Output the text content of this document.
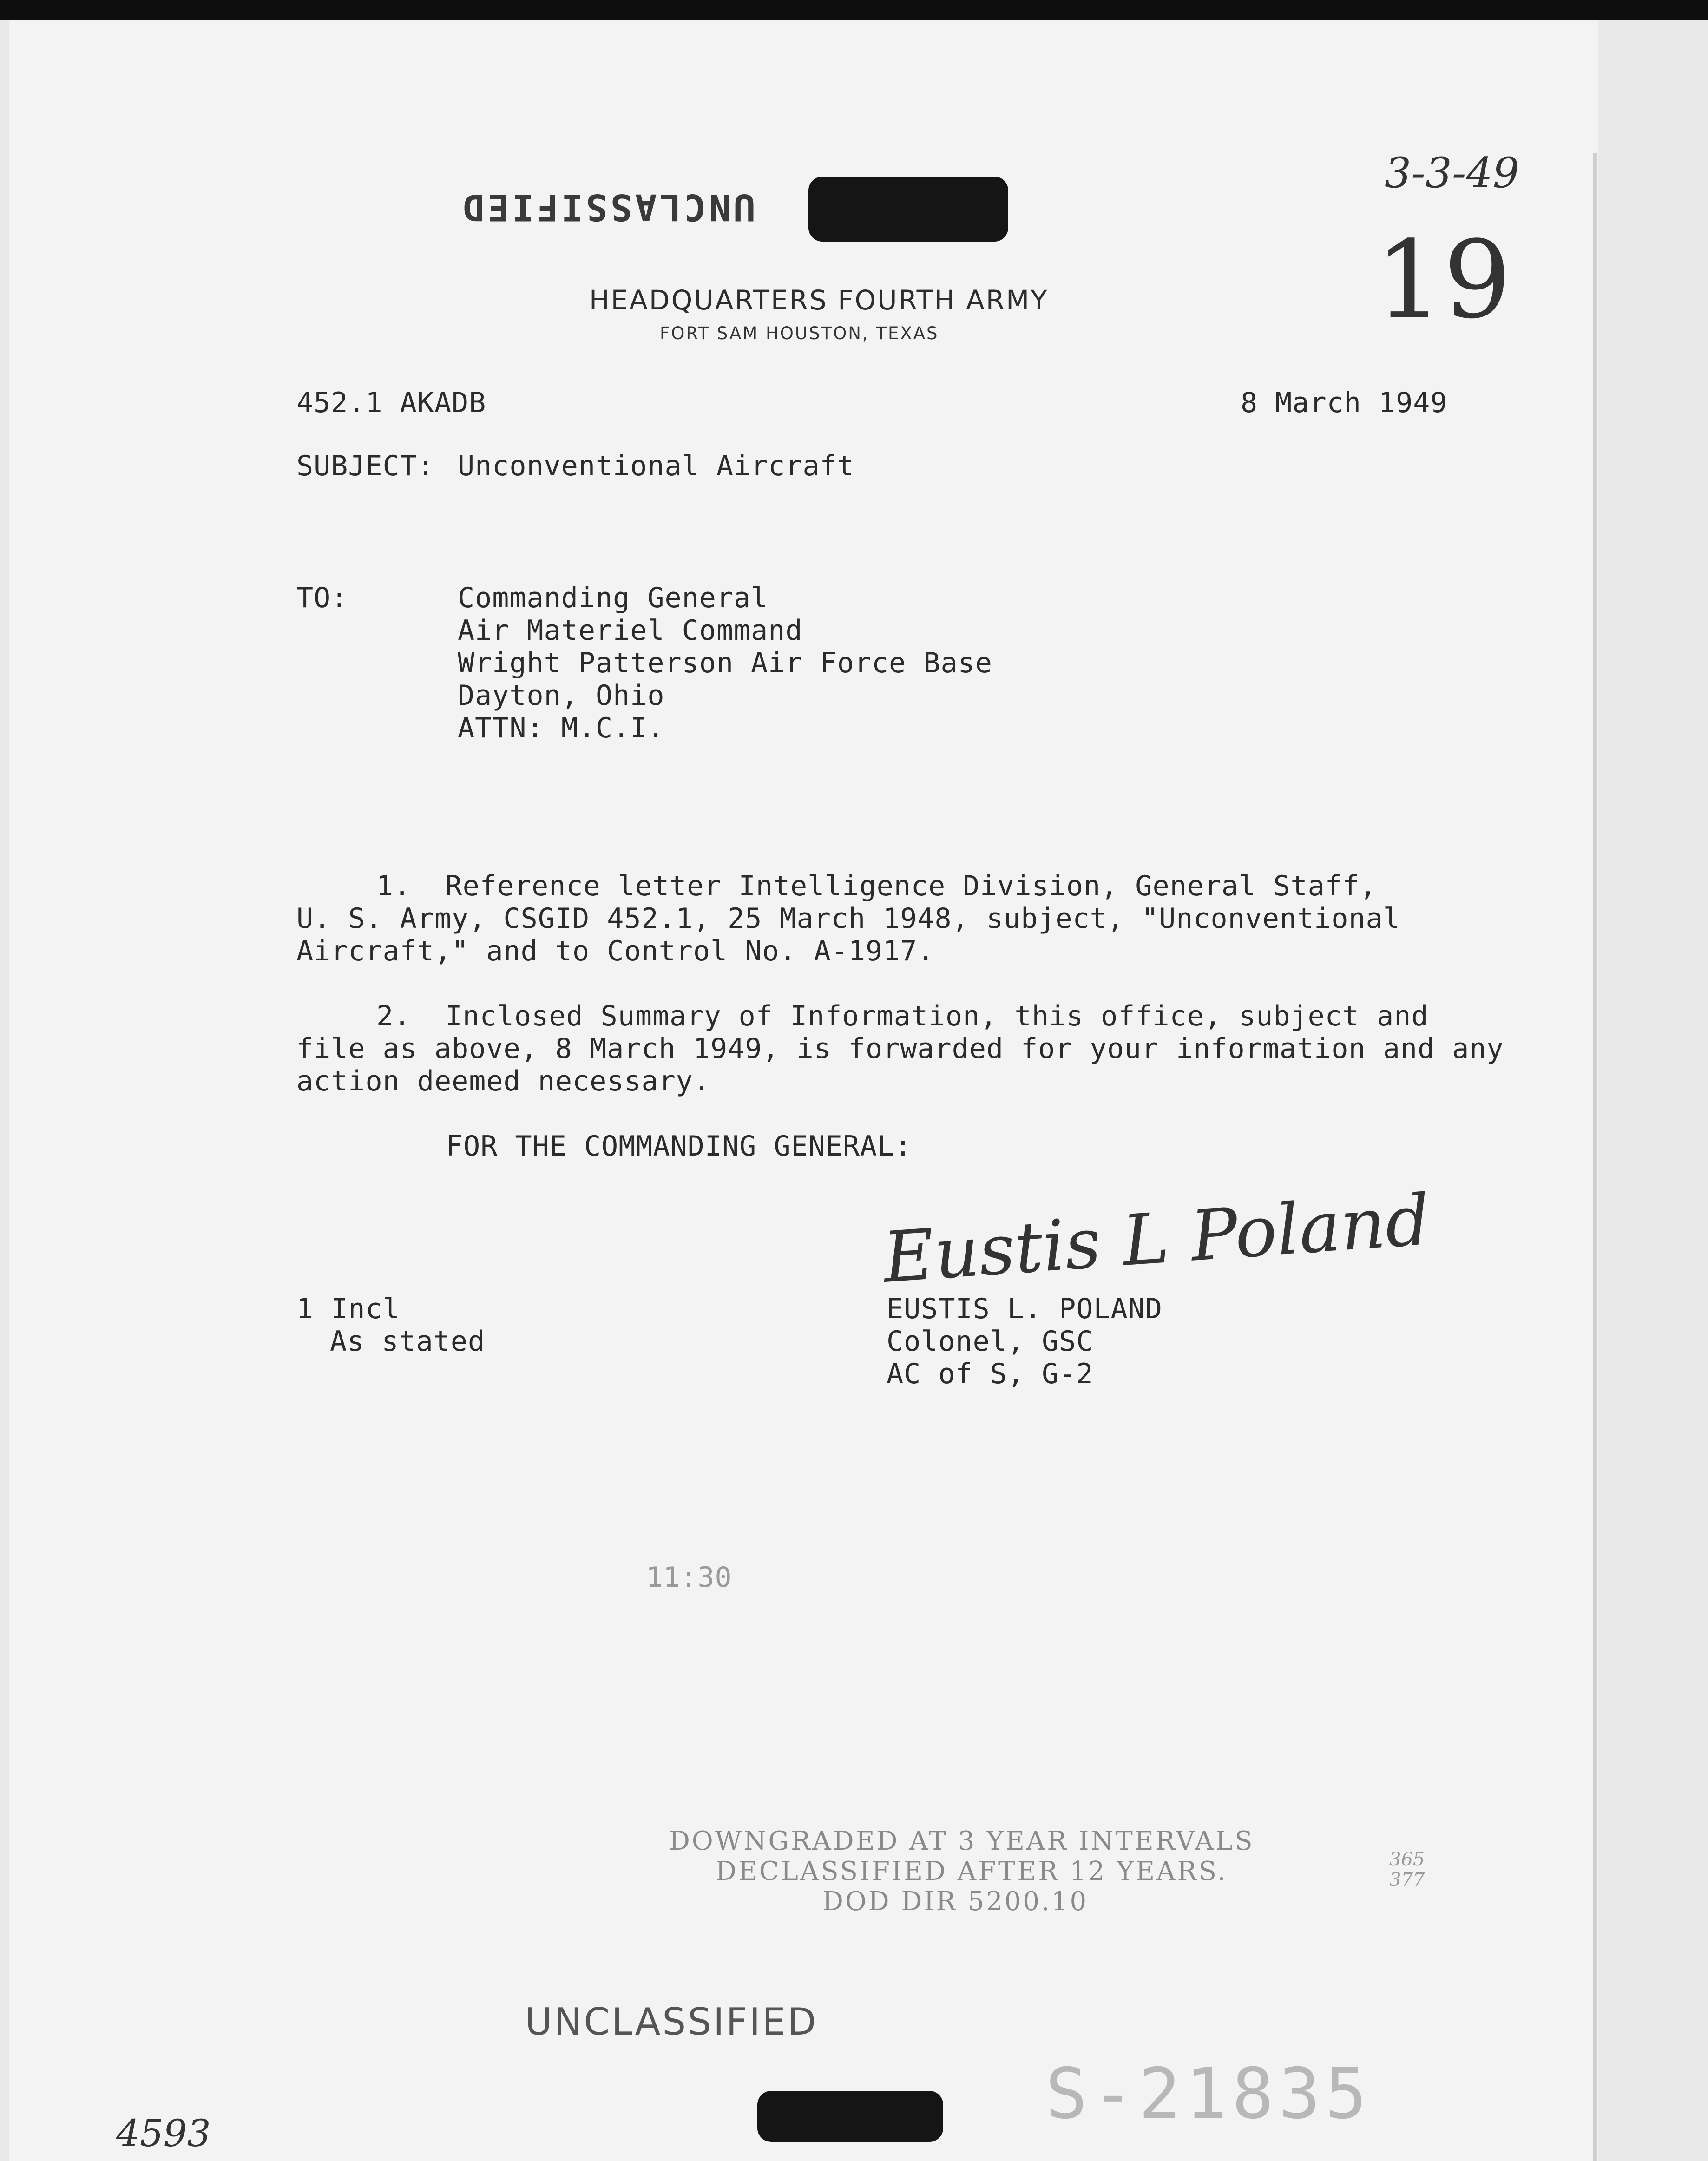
UNCLASSIFIED
3-3-49
19
HEADQUARTERS FOURTH ARMY
FORT SAM HOUSTON, TEXAS
452.1 AKADB	8 March 1949
SUBJECT: Unconventional Aircraft
TO:	Commanding General
Air Materiel Command
Wright Patterson Air Force Base
Dayton, Ohio
ATTN: M.C.I.
1.  Reference letter Intelligence Division, General Staff,
U. S. Army, CSGID 452.1, 25 March 1948, subject, "Unconventional
Aircraft," and to Control No. A-1917.
2.  Inclosed Summary of Information, this office, subject and
file as above, 8 March 1949, is forwarded for your information and any
action deemed necessary.
FOR THE COMMANDING GENERAL:
Eustis L Poland
EUSTIS L. POLAND
Colonel, GSC
AC of S, G-2
1 Incl
As stated
11:30
DOWNGRADED AT 3 YEAR INTERVALS
DECLASSIFIED AFTER 12 YEARS.
DOD DIR 5200.10
365
377
UNCLASSIFIED
S-21835
4593
